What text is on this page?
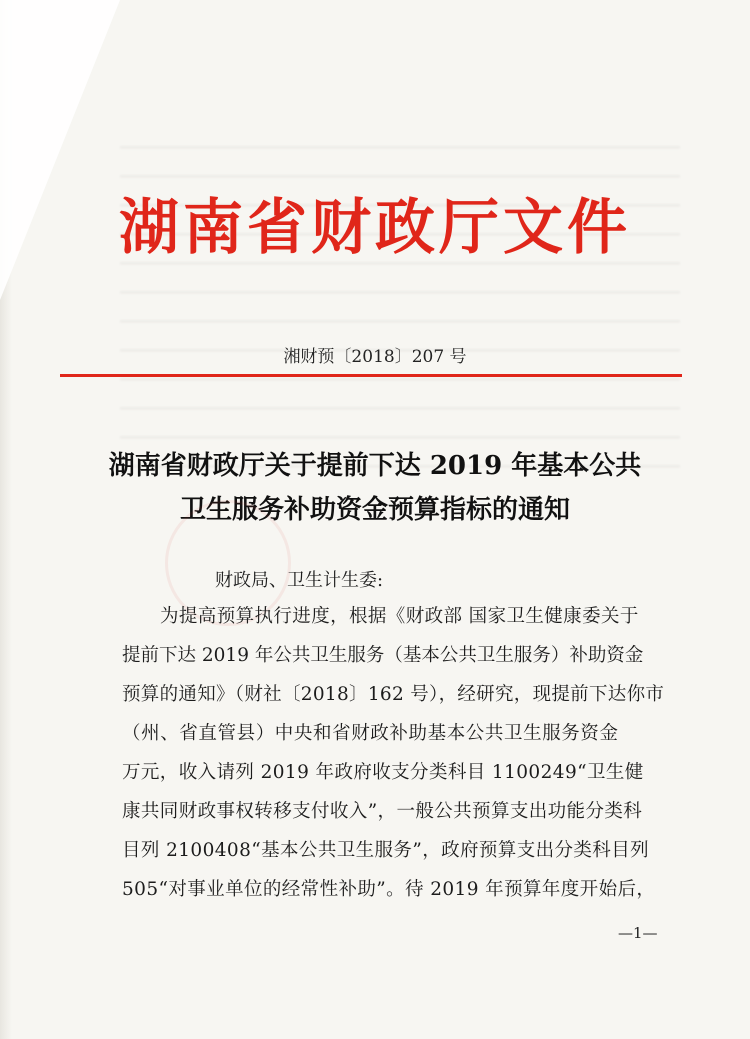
湖南省财政厅文件
湘财预〔2018〕207 号
湖南省财政厅关于提前下达 2019 年基本公共
卫生服务补助资金预算指标的通知
财政局、卫生计生委:
为提高预算执行进度，根据《财政部 国家卫生健康委关于
提前下达 2019 年公共卫生服务（基本公共卫生服务）补助资金
预算的通知》（财社〔2018〕162 号），经研究，现提前下达你市
（州、省直管县）中央和省财政补助基本公共卫生服务资金
万元，收入请列 2019 年政府收支分类科目 1100249“卫生健
康共同财政事权转移支付收入”，一般公共预算支出功能分类科
目列 2100408“基本公共卫生服务”，政府预算支出分类科目列
505“对事业单位的经常性补助”。待 2019 年预算年度开始后，
—1—
